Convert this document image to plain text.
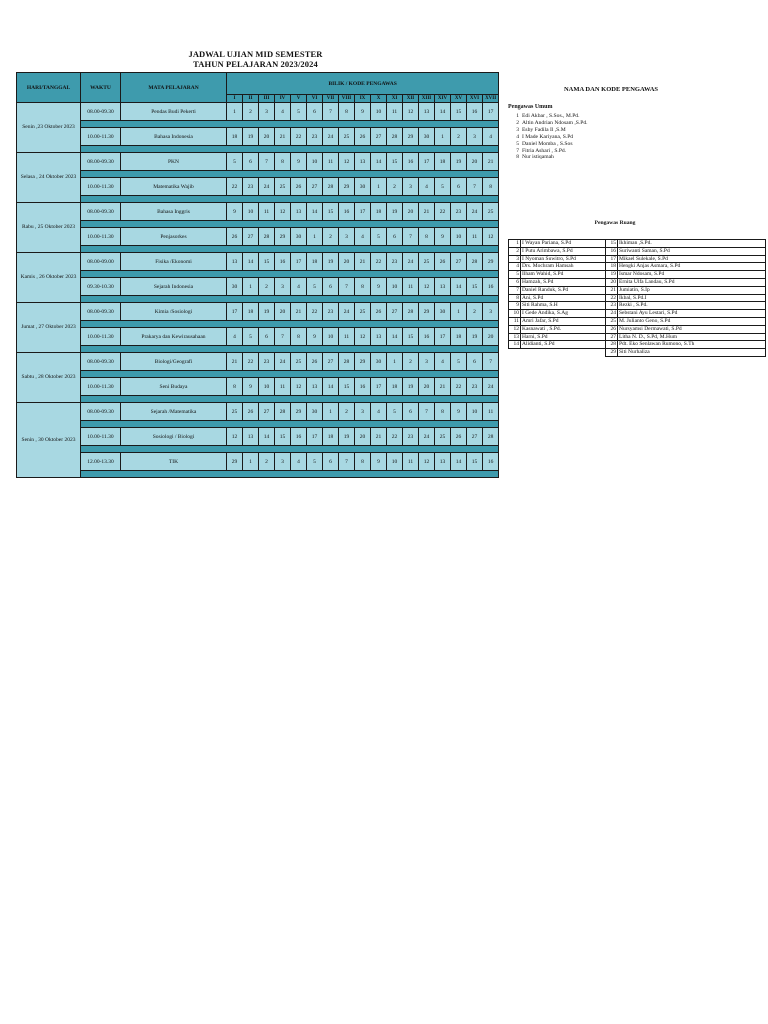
JADWAL UJIAN MID SEMESTER
TAHUN PELAJARAN 2023/2024
HARI/TANGGAL	WAKTU	MATA PELAJARAN	BILIK / KODE PENGAWAS																
			I	II	III	IV	V	VI	VII	VIII	IX	X	XI	XII	XIII	XIV	XV	XVI	XVII
Senin ,23 Oktober 2023	08.00-09.30	Pendas Budi Pekerti	1	2	3	4	5	6	7	8	9	10	11	12	13	14	15	16	17

	10.00-11.30	Bahasa Indonesia	18	19	20	21	22	23	24	25	26	27	28	29	30	1	2	3	4

Selasa , 24 Oktober 2023	08.00-09.30	PKN	5	6	7	8	9	10	11	12	13	14	15	16	17	18	19	20	21

	10.00-11.30	Matematika Wajib	22	23	24	25	26	27	28	29	30	1	2	3	4	5	6	7	8

Rabu , 25 Oktober 2023	08.00-09.30	Bahasa Inggris	9	10	11	12	13	14	15	16	17	18	19	20	21	22	23	24	25

	10.00-11.30	Penjasorkes	26	27	28	29	30	1	2	3	4	5	6	7	8	9	10	11	12

Kamis , 26 Oktober 2023	08.00-09.00	Fisika /Ekonomi	13	14	15	16	17	18	19	20	21	22	23	24	25	26	27	28	29

	09.30-10.30	Sejarah Indonesia	30	1	2	3	4	5	6	7	8	9	10	11	12	13	14	15	16

Jumat , 27 Oktober 2023	08.00-09.30	Kimia /Sosiologi	17	18	19	20	21	22	23	24	25	26	27	28	29	30	1	2	3

	10.00-11.30	Prakarya dan Kewirausahaan	4	5	6	7	8	9	10	11	12	13	14	15	16	17	18	19	20

Sabtu , 28 Oktober 2023	08.00-09.30	Biologi/Geografi	21	22	23	24	25	26	27	28	29	30	1	2	3	4	5	6	7

	10.00-11.30	Seni Budaya	8	9	10	11	12	13	14	15	16	17	18	19	20	21	22	23	24

Senin , 30 Oktober 2023	08.00-09.30	Sejarah /Matematika	25	26	27	28	29	30	1	2	3	4	5	6	7	8	9	10	11

	10.00-11.30	Sosiologi / Biologi	12	13	14	15	16	17	18	19	20	21	22	23	24	25	26	27	28

	12.00-13.30	TIK	29	1	2	3	4	5	6	7	8	9	10	11	12	13	14	15	16

NAMA DAN KODE PENGAWAS
Pengawas Umum
1 Edi Akbar , S.Sos., M.Pd.
2 Altin Andrian Ndosam ,S.Pd.
3 Esby Fadila Il ,S.M
4 I Made Kariyana, S.Pd
5 Daniel Momba , S.Sos
7 Fitria Ashari , S.Pd.
8 Nur istiqamah
Pengawas Ruang
1	I Wayan Pariana, S.Pd	15	Ikhiman ,S.Pd.
2	I Putu Arimbawa, S.Pd	16	Suriwanti Saman, S.Pd
3	I Nyoman Suwitro, S.Pd	17	Mikael Sulekale, S.Pd
4	Drs. Mochram Hamsah	18	Hengki Anjas Asmara, S.Pd
5	Ilham Wahid, S.Pd	19	Ismar Ndosam, S.Pd
6	Hamzah, S.Pd	20	Ernita Ulfa Landau, S.Pd
7	Daniel Randuk, S.Pd	21	Jumiatin, S.Ip
8	Ani, S.Pd	22	Ikbal, S.Pd.I
9	Siti Rahma, S.H	23	Rezki , S.Pd.
10	I Gede Andika, S.Ag	24	Sebstani Ayu Lestari, S.Pd
11	Amri Jafar, S.Pd	25	M. Julianto Geno, S.Pd
12	Kasnawati , S.Pd.	26	Nursyamsi Dermawati, S.Pd
13	Harni, S.Pd	27	Litha N. D., S.Pd, M.Hum
14	Alidianti, S.Pd	28	Pdt. Eko Senlawan Rumono, S.Th
		29	Siti Nurhaliza
